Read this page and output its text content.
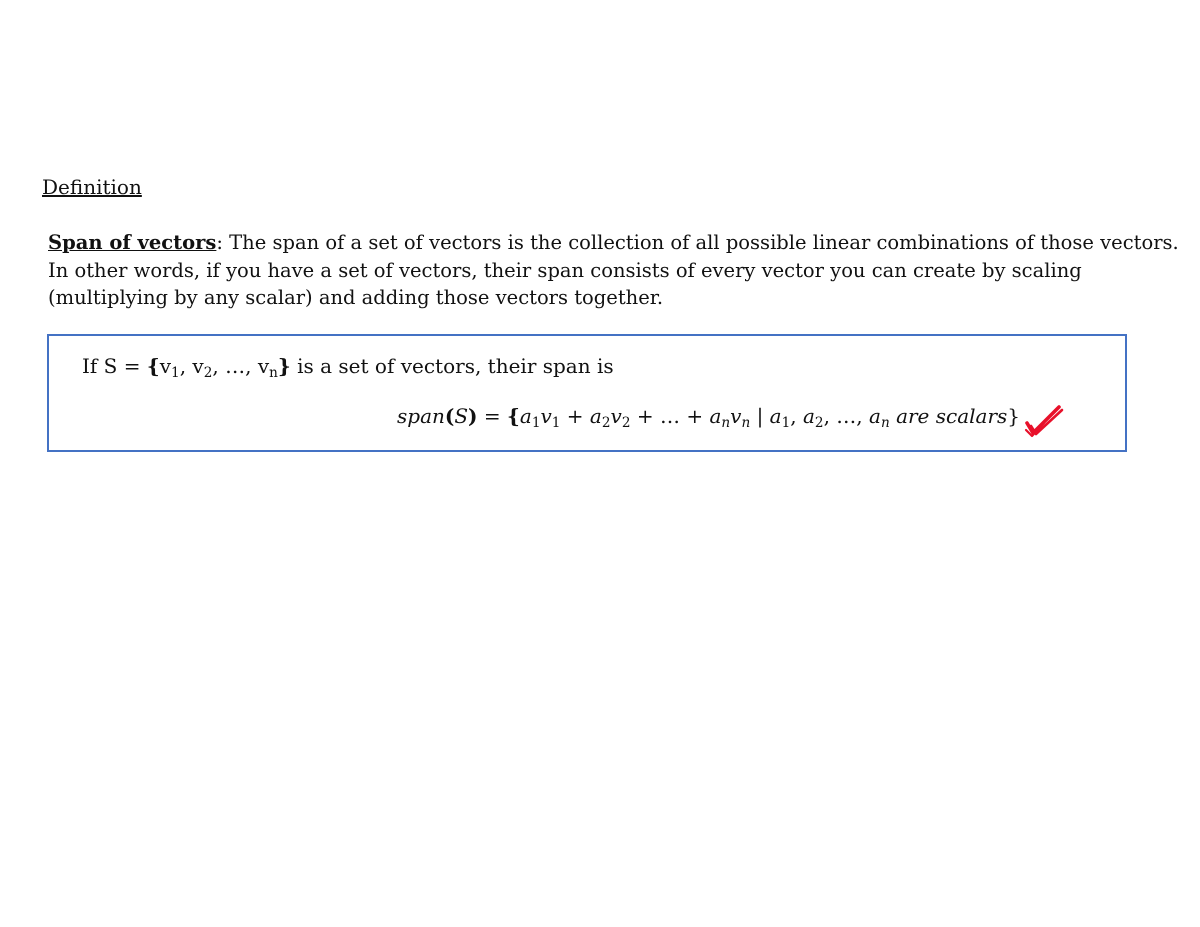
Definition
Span of vectors: The span of a set of vectors is the collection of all possible linear combinations of those vectors.
In other words, if you have a set of vectors, their span consists of every vector you can create by scaling
(multiplying by any scalar) and adding those vectors together.
If $S = \{v_1$, $v_2$, …, $v_n$} is a set of vectors, their span is
span(S) = {$a_1v_1 + a_2v_2$ + … + $a_nv_n$ | $a_1$, $a_2$, …, $a_n$ are scalars}
